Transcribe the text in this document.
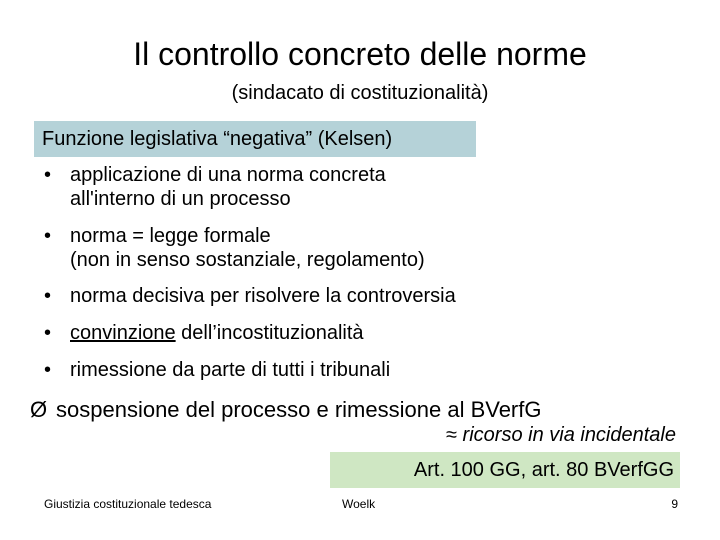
Il controllo concreto delle norme
(sindacato di costituzionalità)
Funzione legislativa “negativa” (Kelsen)
• applicazione di una norma concreta
all'interno di un processo
• norma = legge formale
(non in senso sostanziale, regolamento)
• norma decisiva per risolvere la controversia
• convinzione dell’incostituzionalità
• rimessione da parte di tutti i tribunali
Ø sospensione del processo e rimessione al BVerfG
≈ ricorso in via incidentale
Art. 100 GG, art. 80 BVerfGG
Giustizia costituzionale tedesca	Woelk	9
